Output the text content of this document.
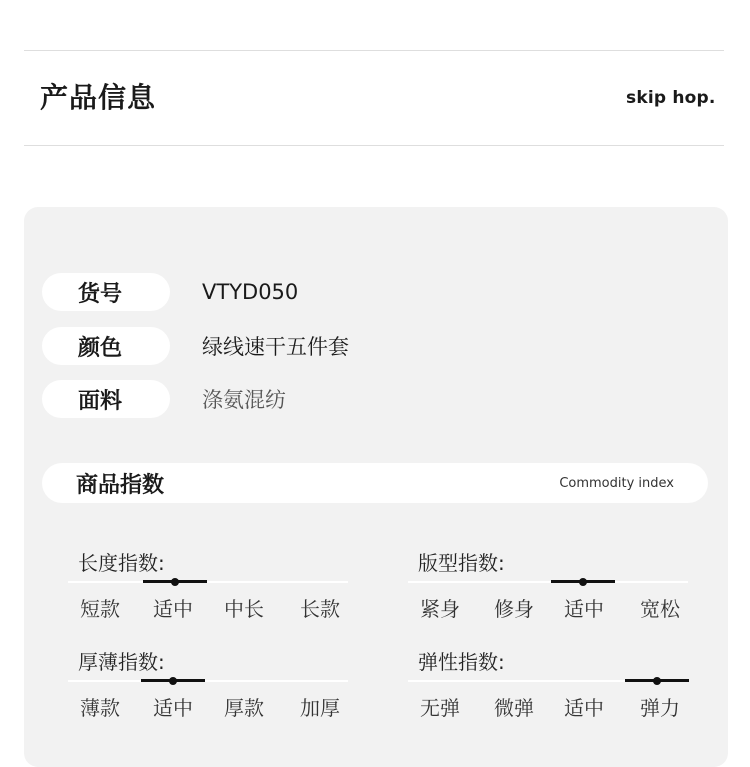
产品信息	skip hop.
货号	VTYD050
颜色	绿线速干五件套
面料	涤氨混纺
商品指数	Commodity index
长度指数:
短款	适中	中长	长款
版型指数:
紧身	修身	适中	宽松
厚薄指数:
薄款	适中	厚款	加厚
弹性指数:
无弹	微弹	适中	弹力
